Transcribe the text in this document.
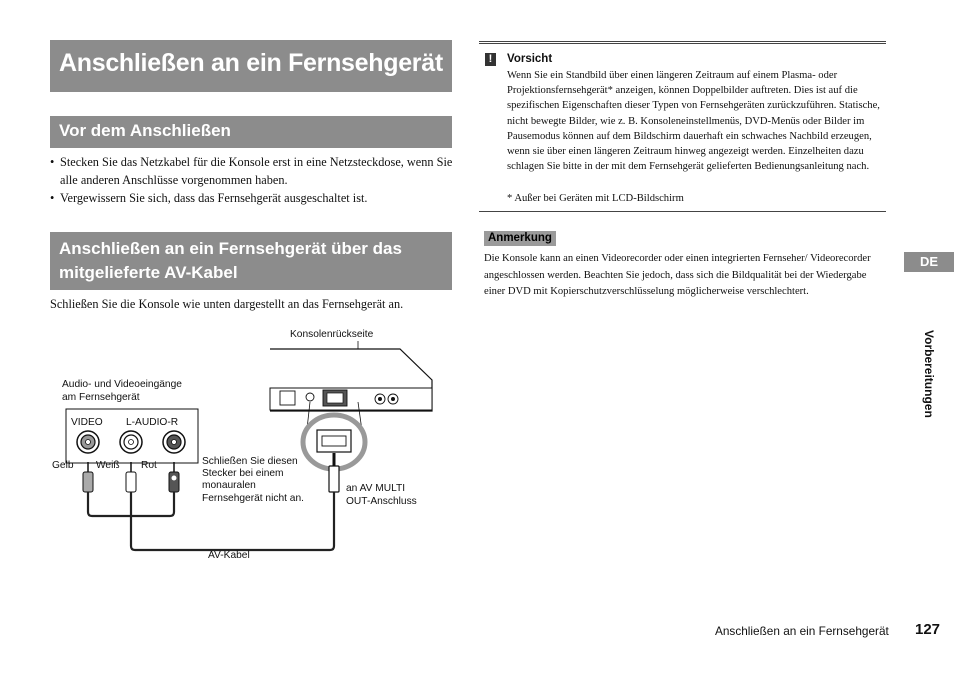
Anschließen an ein Fernsehgerät
Vor dem Anschließen
• Stecken Sie das Netzkabel für die Konsole erst in eine Netzsteckdose, wenn Sie alle anderen Anschlüsse vorgenommen haben.
• Vergewissern Sie sich, dass das Fernsehgerät ausgeschaltet ist.
Anschließen an ein Fernsehgerät über das mitgelieferte AV-Kabel
Schließen Sie die Konsole wie unten dargestellt an das Fernsehgerät an.
Konsolenrückseite
an AV MULTI
OUT-Anschluss
Audio- und Videoeingänge
am Fernsehgerät
VIDEO L-AUDIO-R
Gelb Weiß Rot	Schließen Sie diesen
Stecker bei einem
monauralen
Fernsehgerät nicht an.
AV-Kabel
!	Vorsicht
Wenn Sie ein Standbild über einen längeren Zeitraum auf einem Plasma- oder Projektionsfernsehgerät* anzeigen, können Doppelbilder auftreten. Dies ist auf die spezifischen Eigenschaften dieser Typen von Fernsehgeräten zurückzuführen. Statische, nicht bewegte Bilder, wie z. B. Konsoleneinstellmenüs, DVD-Menüs oder Bilder im Pausemodus können auf dem Bildschirm dauerhaft ein schwaches Nachbild erzeugen, wenn sie über einen längeren Zeitraum hinweg angezeigt werden. Einzelheiten dazu schlagen Sie bitte in der mit dem Fernsehgerät gelieferten Bedienungsanleitung nach.
* Außer bei Geräten mit LCD-Bildschirm
Anmerkung
Die Konsole kann an einen Videorecorder oder einen integrierten Fernseher/ Videorecorder angeschlossen werden. Beachten Sie jedoch, dass sich die Bildqualität bei der Wiedergabe einer DVD mit Kopierschutzverschlüsselung möglicherweise verschlechtert.
DE
Vorbereitungen
Anschließen an ein Fernsehgerät 127
